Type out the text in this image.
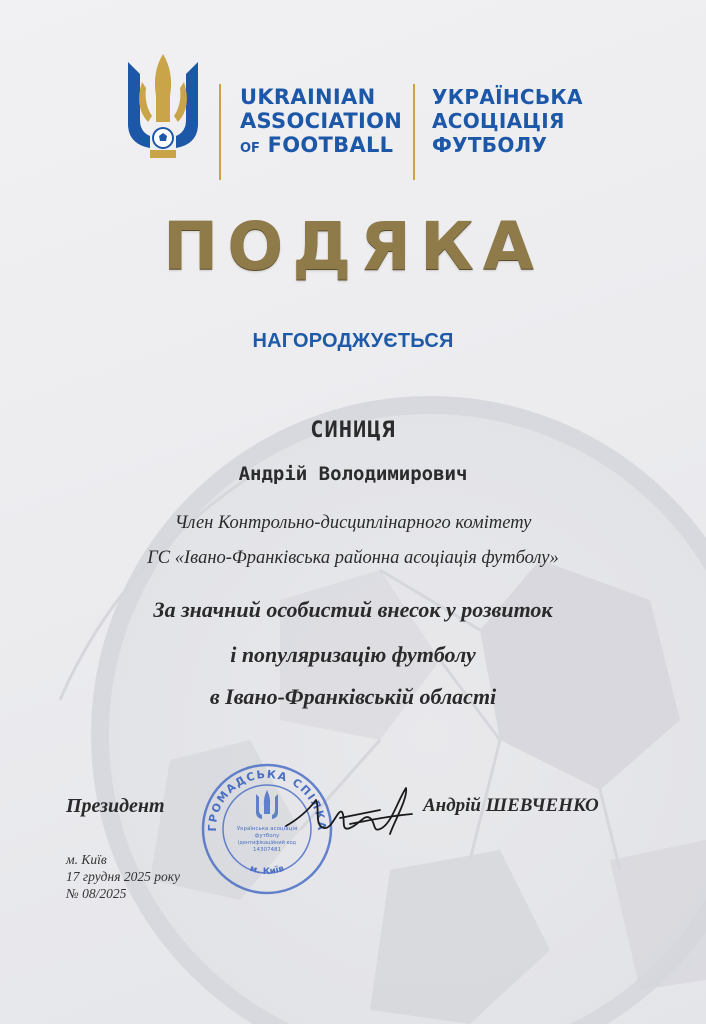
UKRAINIAN
ASSOCIATION
OF FOOTBALL
УКРАЇНСЬКА
АСОЦІАЦІЯ
ФУТБОЛУ
ПОДЯКА
НАГОРОДЖУЄТЬСЯ
СИНИЦЯ
Андрій Володимирович
Член Контрольно-дисциплінарного комітету
ГС «Івано-Франківська районна асоціація футболу»
За значний особистий внесок у розвиток
і популяризацію футболу
в Івано-Франківській області
Президент
ГРОМАДСЬКА СПІЛКА
м. Київ
Українська асоціація
футболу
ідентифікаційний код
14307481
Андрій ШЕВЧЕНКО
м. Київ
17 грудня 2025 року
№ 08/2025
